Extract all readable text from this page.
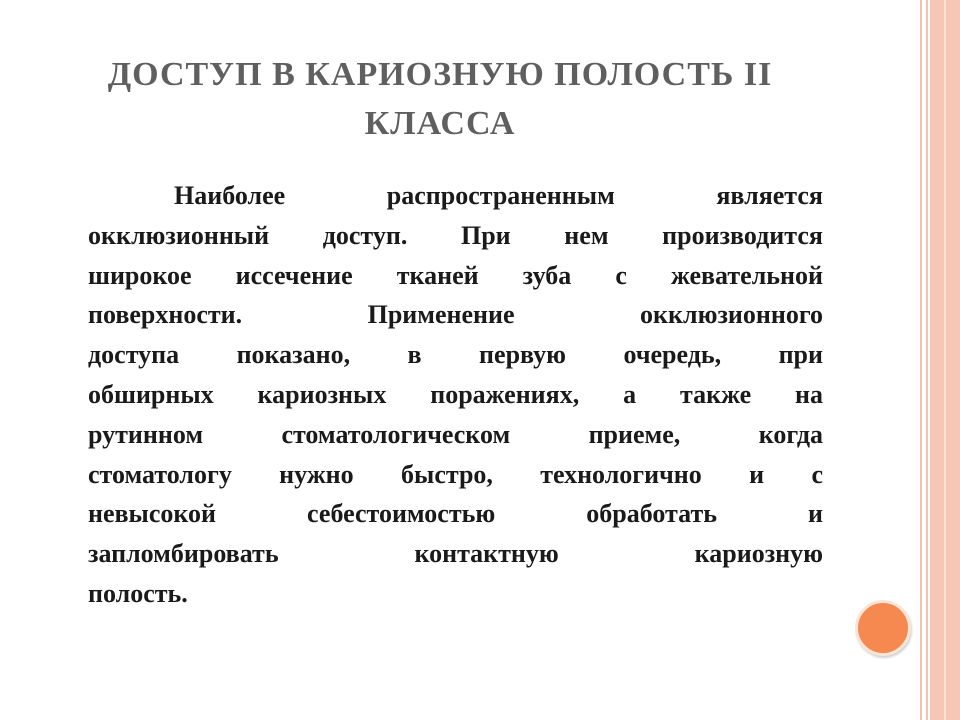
ДОСТУП В КАРИОЗНУЮ ПОЛОСТЬ II
КЛАССА
Наиболее распространенным является
окклюзионный доступ. При нем производится
широкое иссечение тканей зуба с жевательной
поверхности. Применение окклюзионного
доступа показано, в первую очередь, при
обширных кариозных поражениях, а также на
рутинном стоматологическом приеме, когда
стоматологу нужно быстро, технологично и с
невысокой себестоимостью обработать и
запломбировать контактную кариозную
полость.
